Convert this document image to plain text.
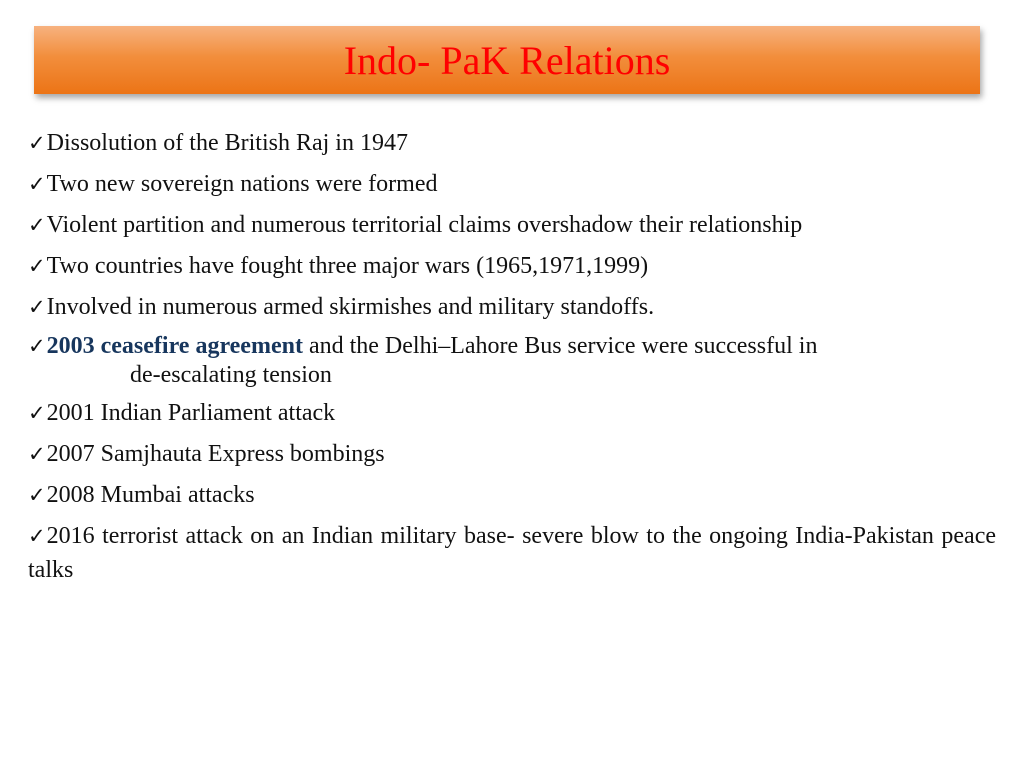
Indo- PaK Relations
✓Dissolution of the British Raj in 1947
✓Two new sovereign nations were formed
✓Violent partition and numerous territorial claims overshadow their relationship
✓Two countries have fought three major wars (1965,1971,1999)
✓Involved in numerous armed skirmishes and military standoffs.
✓2003 ceasefire agreement and the Delhi–Lahore Bus service were successful in
de-escalating tension
✓2001 Indian Parliament attack
✓2007 Samjhauta Express bombings
✓2008 Mumbai attacks
✓2016 terrorist attack on an Indian military base- severe blow to the ongoing India-Pakistan peace talks
